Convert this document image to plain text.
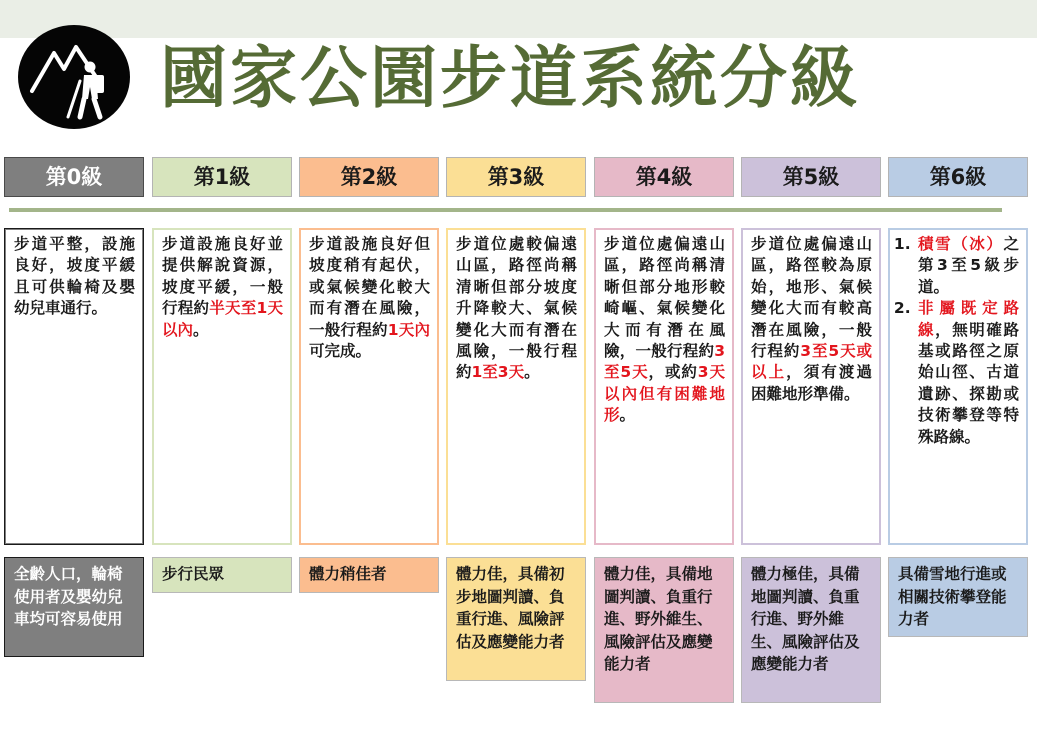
國家公園步道系統分級
第0級
步道平整，設施良好，坡度平緩且可供輪椅及嬰幼兒車通行。
全齡人口，輪椅使用者及嬰幼兒車均可容易使用
第1級
步道設施良好並提供解說資源，坡度平緩，一般行程約半天至1天以內。
步行民眾
第2級
步道設施良好但坡度稍有起伏，或氣候變化較大而有潛在風險，一般行程約1天內可完成。
體力稍佳者
第3級
步道位處較偏遠山區，路徑尚稱清晰但部分坡度升降較大、氣候變化大而有潛在風險，一般行程約1至3天。
體力佳，具備初步地圖判讀、負重行進、風險評估及應變能力者
第4級
步道位處偏遠山區，路徑尚稱清晰但部分地形較崎嶇、氣候變化大而有潛在風險，一般行程約3至5天，或約3天以內但有困難地形。
體力佳，具備地圖判讀、負重行進、野外維生、風險評估及應變能力者
第5級
步道位處偏遠山區，路徑較為原始，地形、氣候變化大而有較高潛在風險，一般行程約3至5天或以上，須有渡過困難地形準備。
體力極佳，具備地圖判讀、負重行進、野外維生、風險評估及應變能力者
第6級
1. 積雪（冰）之第3至5級步道。
2. 非屬既定路線，無明確路基或路徑之原始山徑、古道遺跡、探勘或技術攀登等特殊路線。
具備雪地行進或相關技術攀登能力者
